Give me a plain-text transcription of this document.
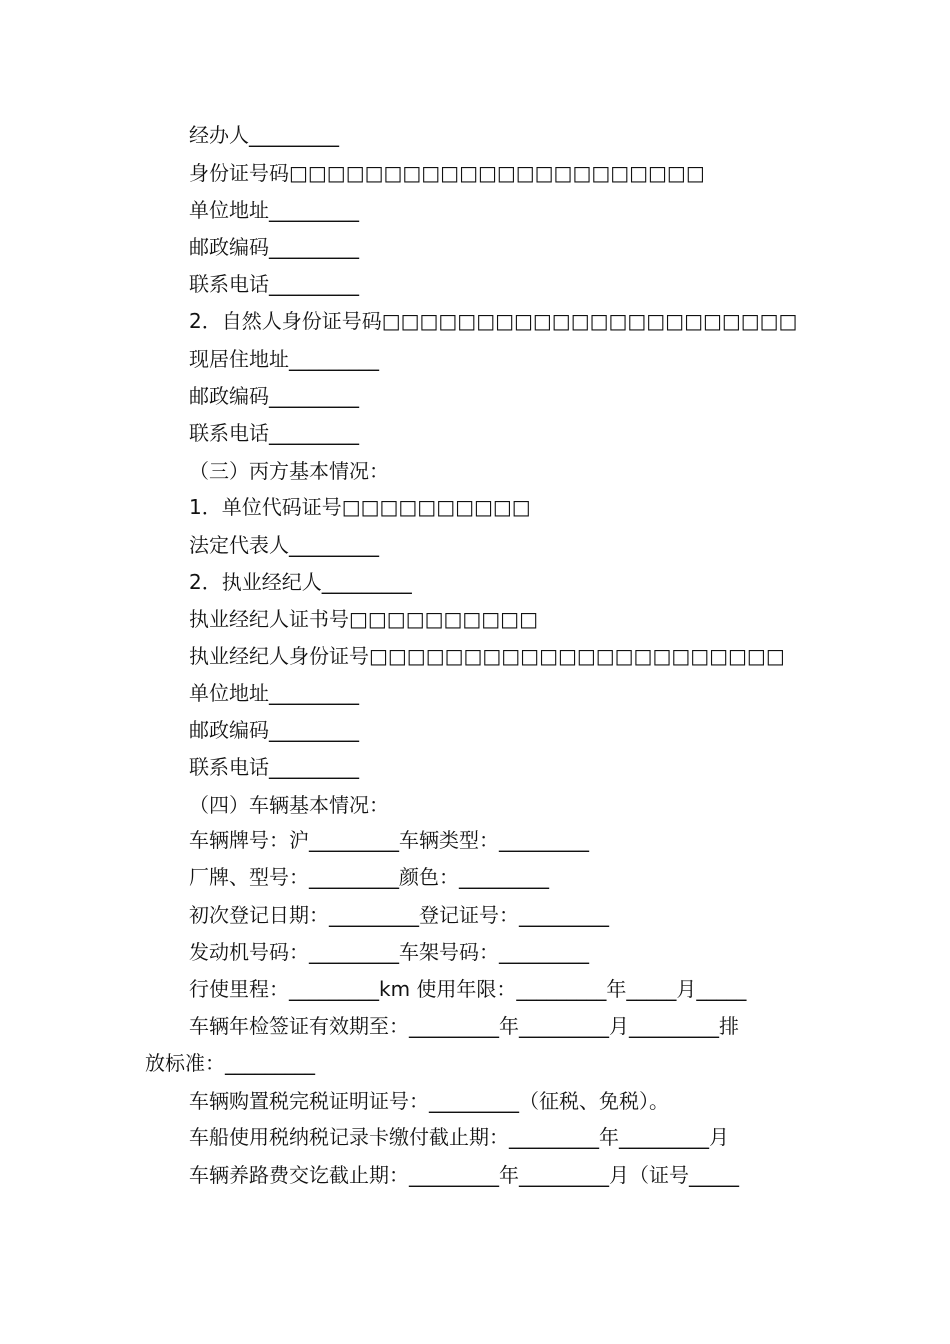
经办人_________
身份证号码□□□□□□□□□□□□□□□□□□□□□□
单位地址_________
邮政编码_________
联系电话_________
2．自然人身份证号码□□□□□□□□□□□□□□□□□□□□□□
现居住地址_________
邮政编码_________
联系电话_________
（三）丙方基本情况：
1．单位代码证号□□□□□□□□□□
法定代表人_________
2．执业经纪人_________
执业经纪人证书号□□□□□□□□□□
执业经纪人身份证号□□□□□□□□□□□□□□□□□□□□□□
单位地址_________
邮政编码_________
联系电话_________
（四）车辆基本情况：
车辆牌号：沪_________车辆类型：_________
厂牌、型号：_________颜色：_________
初次登记日期：_________登记证号：_________
发动机号码：_________车架号码：_________
行使里程：_________km 使用年限：_________年_____月_____
车辆年检签证有效期至：_________年_________月_________排
放标准：_________
车辆购置税完税证明证号：_________（征税、免税）。
车船使用税纳税记录卡缴付截止期：_________年_________月
车辆养路费交讫截止期：_________年_________月（证号_____
